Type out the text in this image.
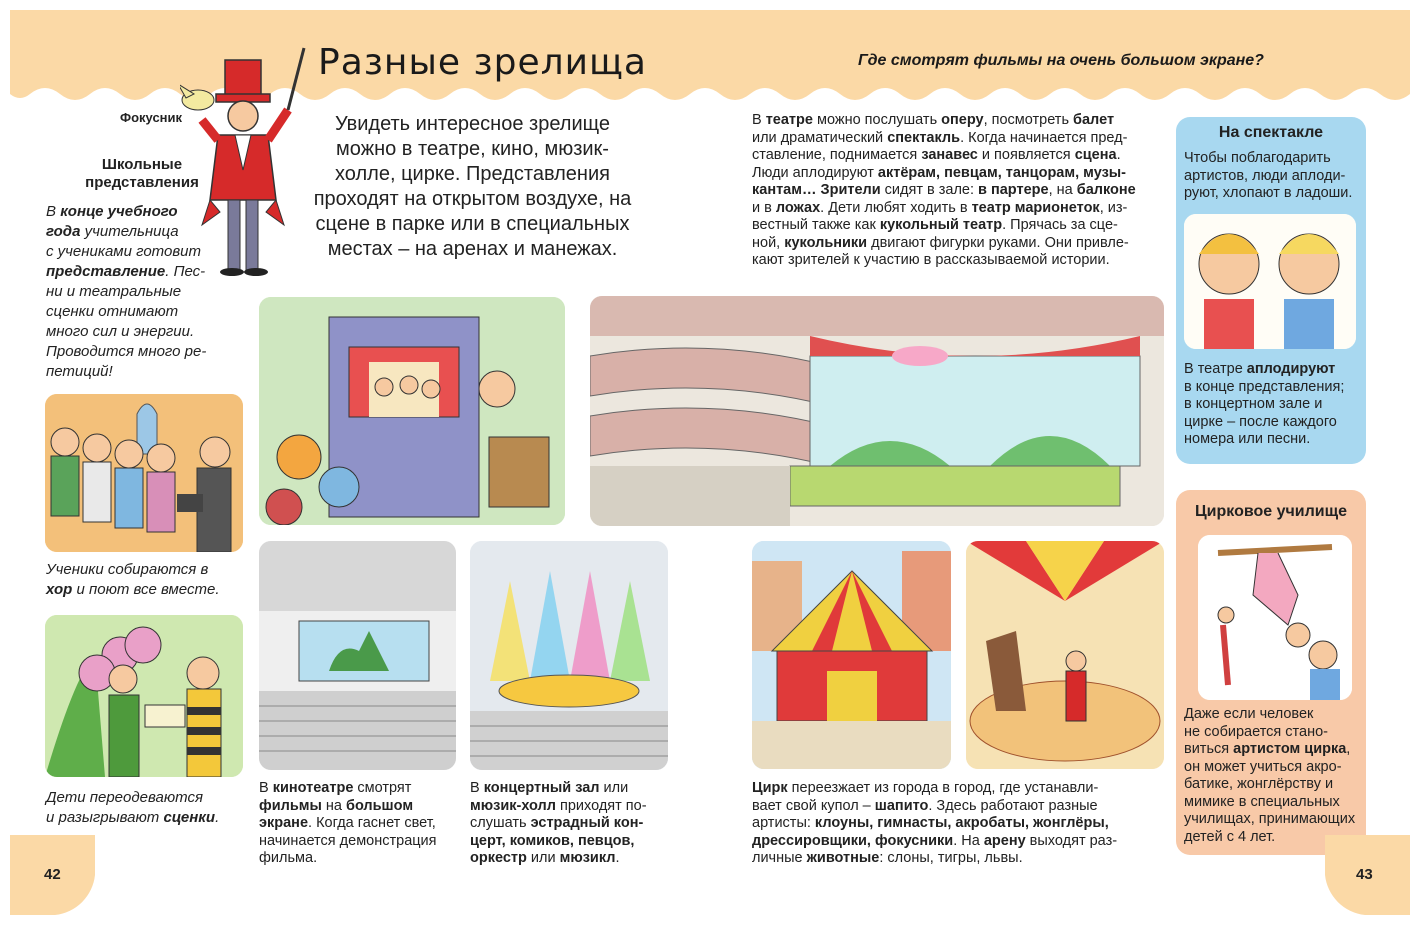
Разные зрелища	Где смотрят фильмы на очень большом экране?
Фокусник
Школьные
представления
В конце учебного
года учительница
с учениками готовит
представление. Пес-
ни и театральные
сценки отнимают
много сил и энергии.
Проводится много ре-
петиций!
Ученики собираются в
хор и поют все вместе.
Дети переодеваются
и разыгрывают сценки.
Увидеть интересное зрелище
можно в театре, кино, мюзик-
холле, цирке. Представления
проходят на открытом воздухе, на
сцене в парке или в специальных
местах – на аренах и манежах.
В театре можно послушать оперу, посмотреть балет
или драматический спектакль. Когда начинается пред-
ставление, поднимается занавес и появляется сцена.
Люди аплодируют актёрам, певцам, танцорам, музы-
кантам… Зрители сидят в зале: в партере, на балконе
и в ложах. Дети любят ходить в театр марионеток, из-
вестный также как кукольный театр. Прячась за сце-
ной, кукольники двигают фигурки руками. Они привле-
кают зрителей к участию в рассказываемой истории.
В кинотеатре смотрят
фильмы на большом
экране. Когда гаснет свет,
начинается демонстрация
фильма.
В концертный зал или
мюзик-холл приходят по-
слушать эстрадный кон-
церт, комиков, певцов,
оркестр или мюзикл.
Цирк переезжает из города в город, где устанавли-
вает свой купол – шапито. Здесь работают разные
артисты: клоуны, гимнасты, акробаты, жонглёры,
дрессировщики, фокусники. На арену выходят раз-
личные животные: слоны, тигры, львы.
На спектакле
Чтобы поблагодарить
артистов, люди аплоди-
руют, хлопают в ладоши.
В театре аплодируют
в конце представления;
в концертном зале и
цирке – после каждого
номера или песни.
Цирковое училище
Даже если человек
не собирается стано-
виться артистом цирка,
он может учиться акро-
батике, жонглёрству и
мимике в специальных
училищах, принимающих
детей с 4 лет.
42	43
